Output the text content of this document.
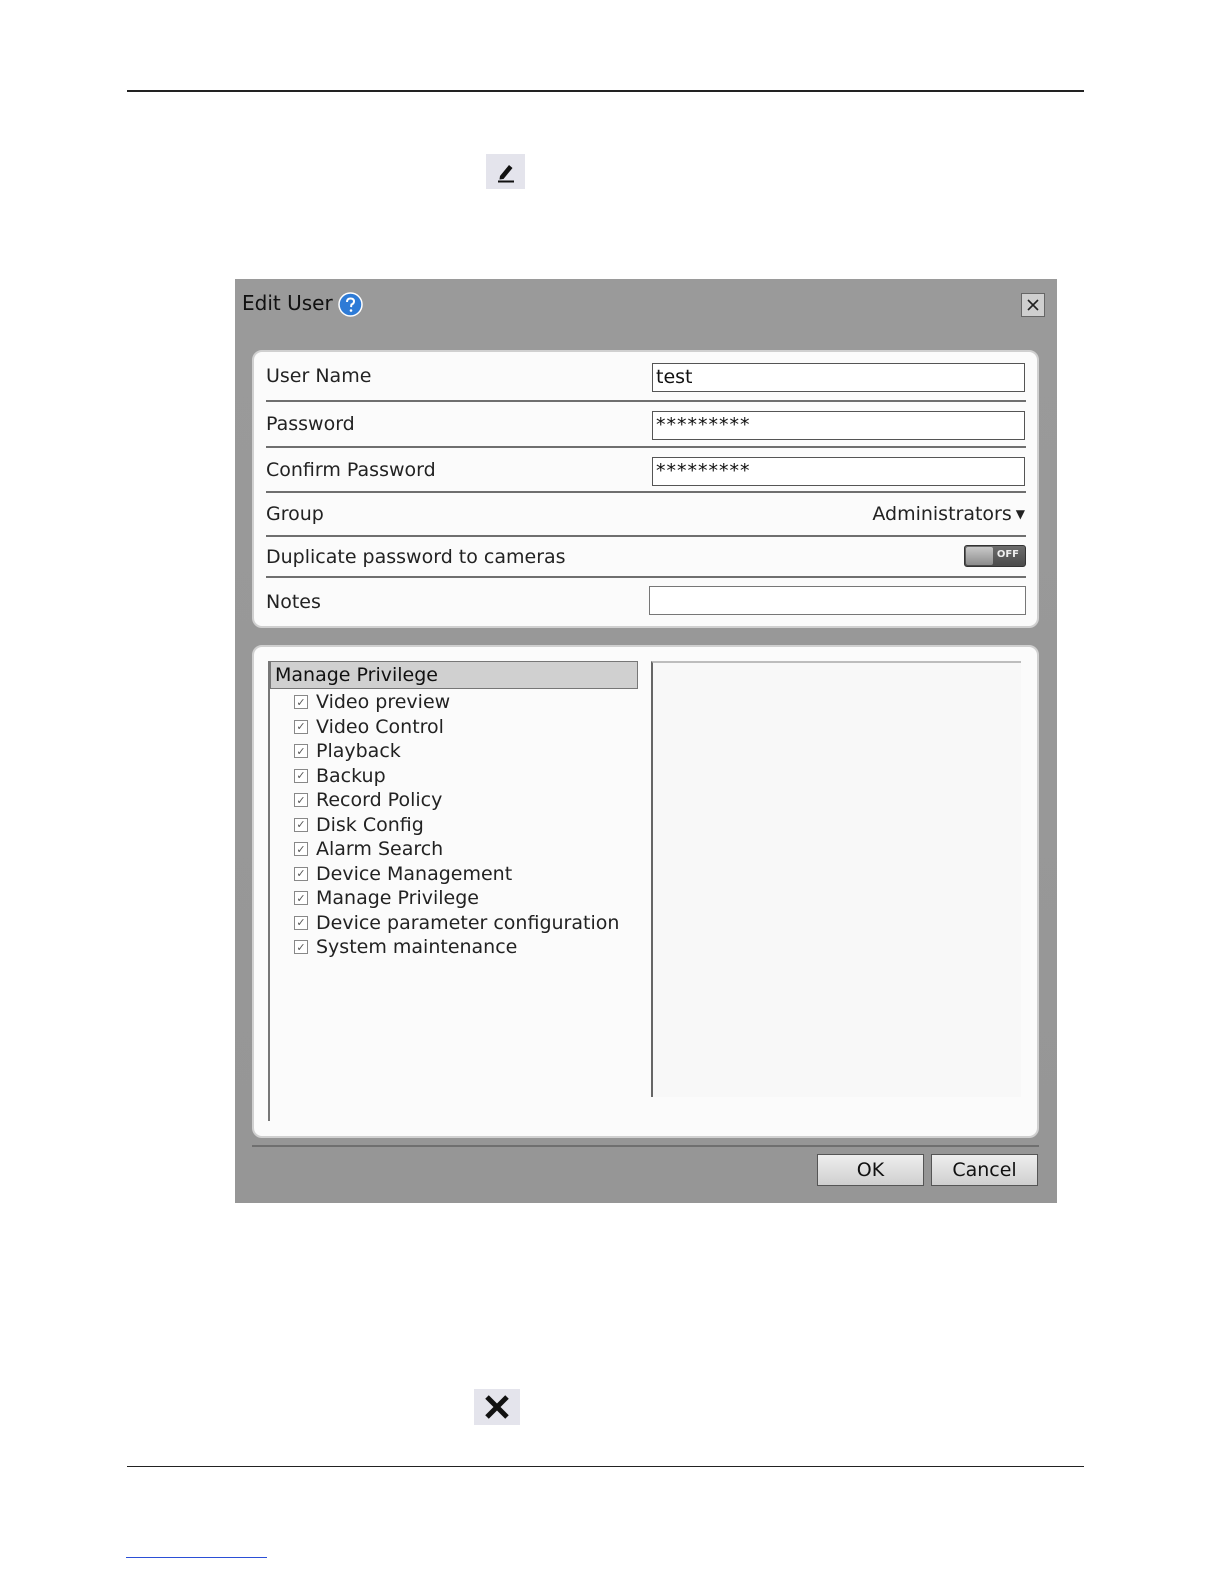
Edit User
User Name	test
Password	*********
Confirm Password	*********
Group	Administrators ▼
Duplicate password to cameras	OFF
Notes
Manage Privilege
✓ Video preview
✓ Video Control
✓ Playback
✓ Backup
✓ Record Policy
✓ Disk Config
✓ Alarm Search
✓ Device Management
✓ Manage Privilege
✓ Device parameter configuration
✓ System maintenance
OK	Cancel
